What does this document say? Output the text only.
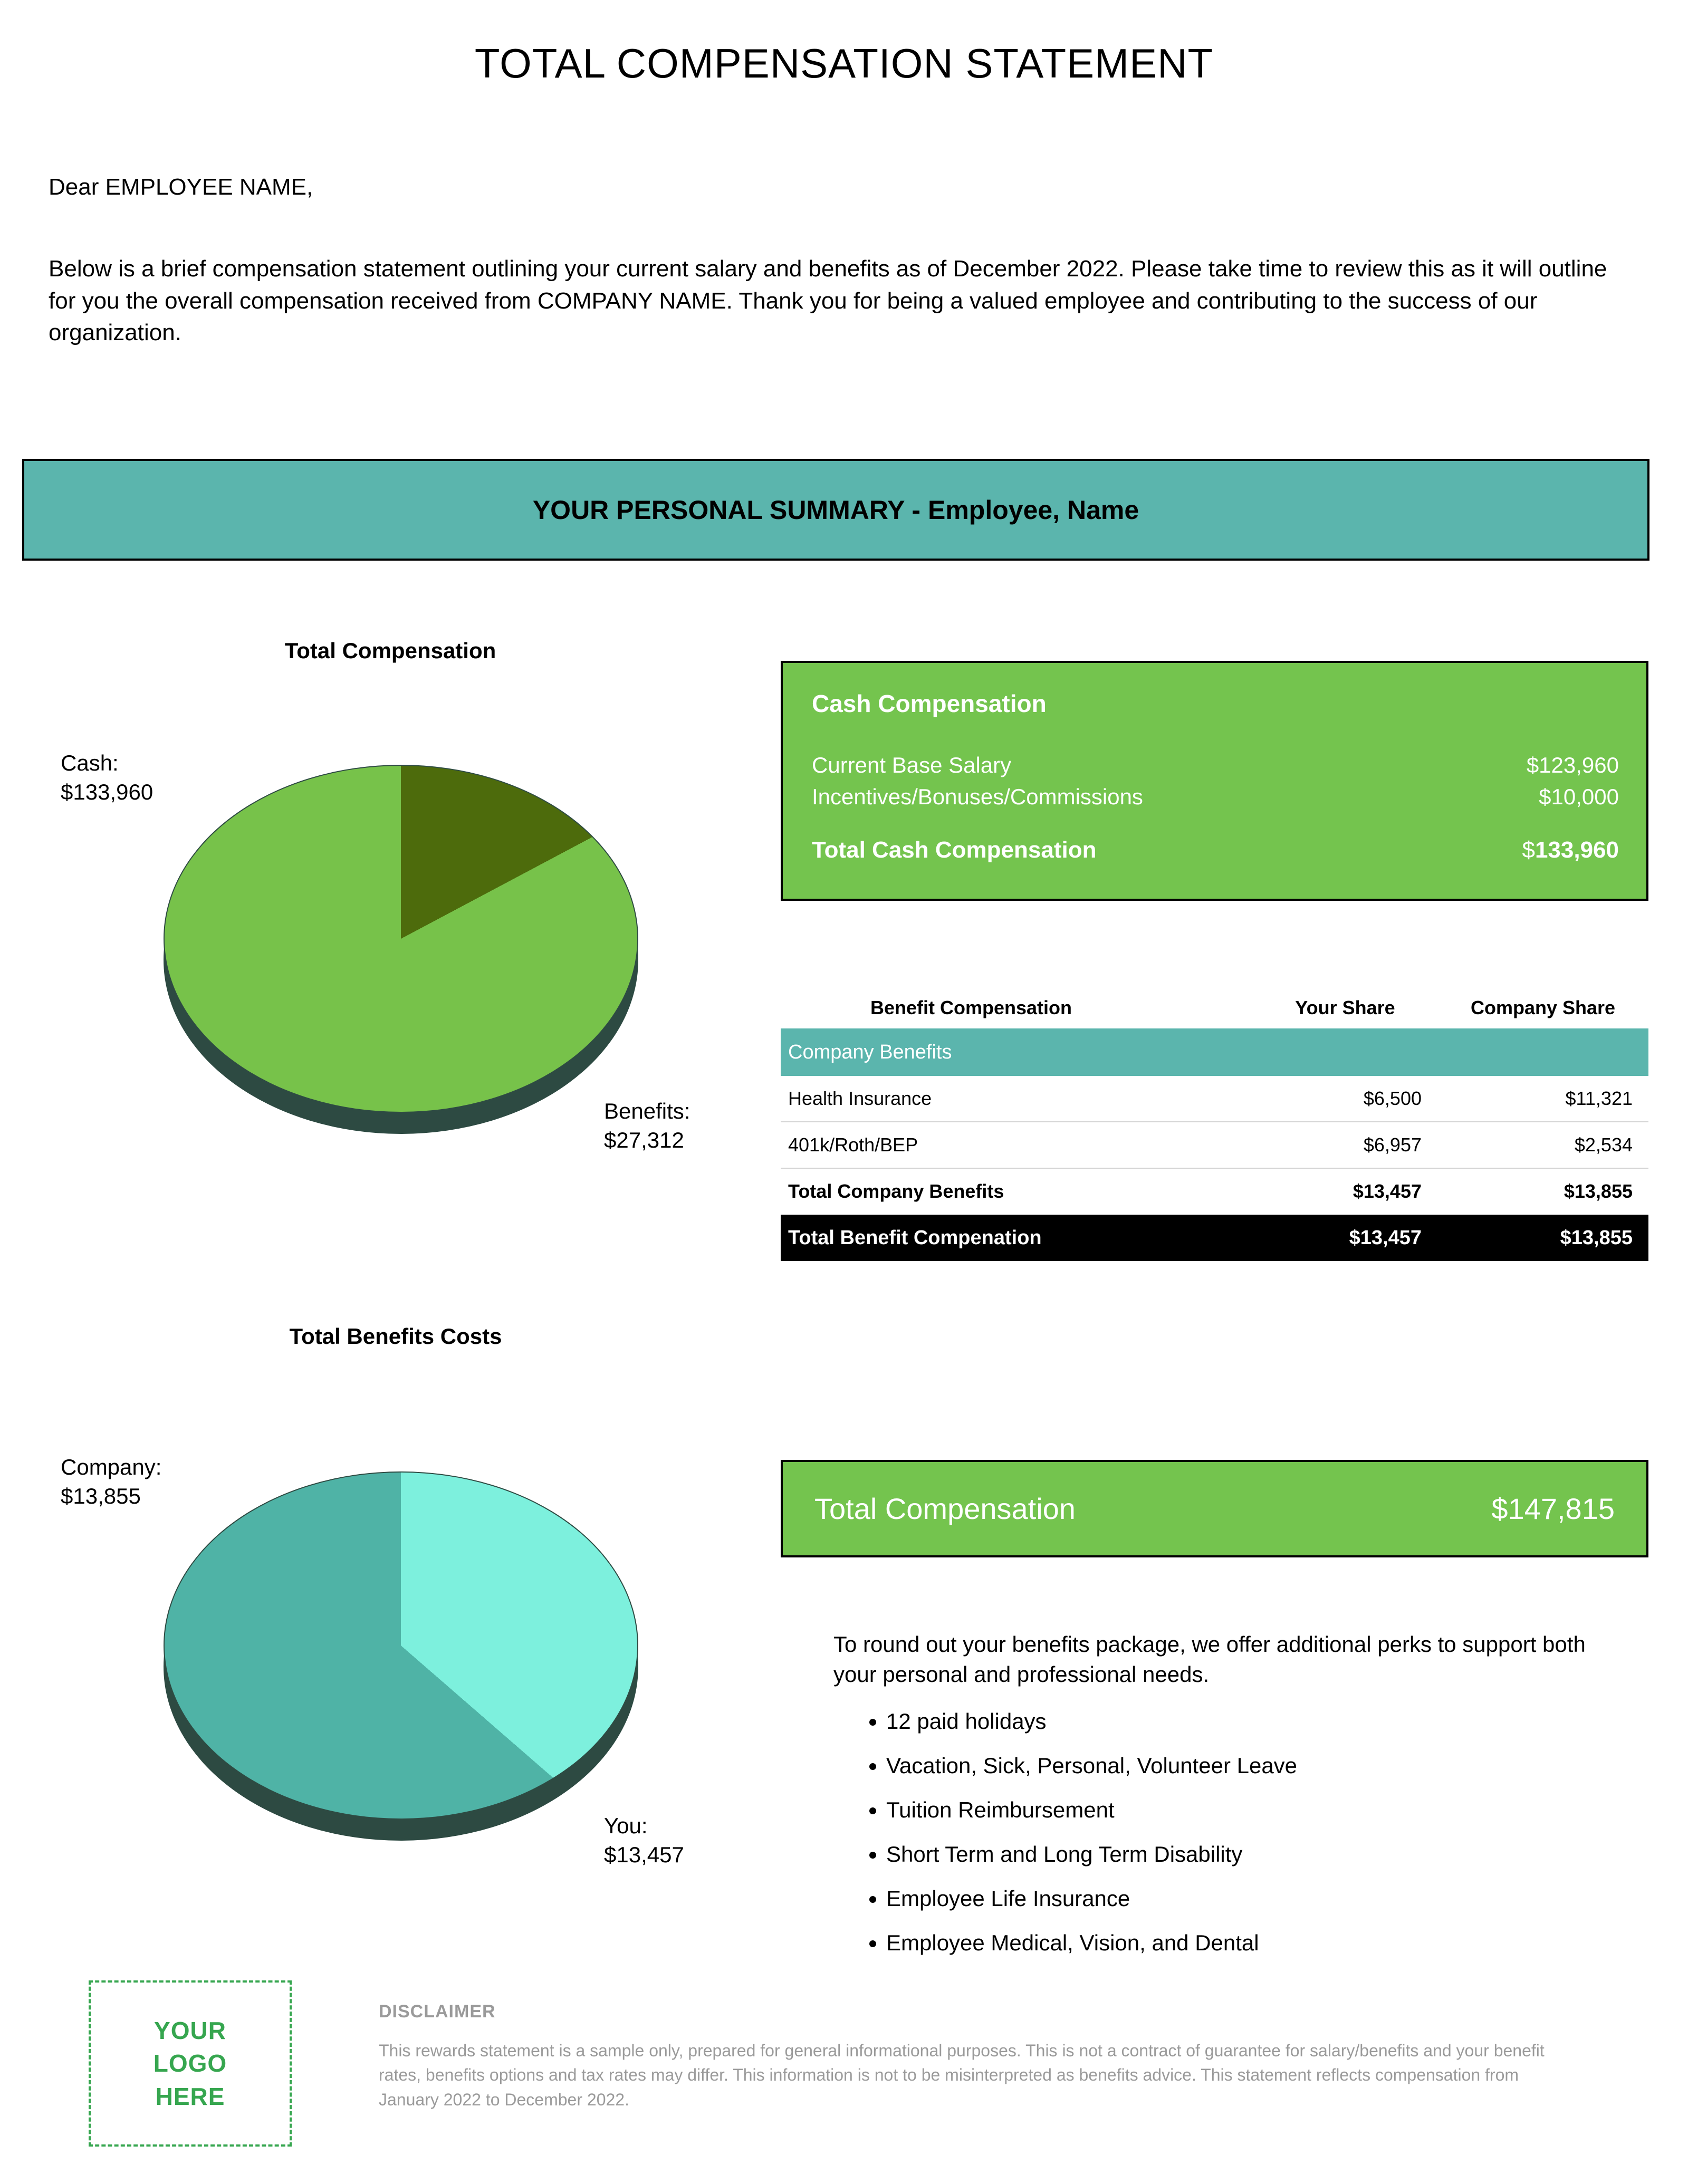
TOTAL COMPENSATION STATEMENT
Dear EMPLOYEE NAME,
Below is a brief compensation statement outlining your current salary and benefits as of December 2022. Please take time to review this as it will outline for you the overall compensation received from COMPANY NAME. Thank you for being a valued employee and contributing to the success of our organization.
YOUR PERSONAL SUMMARY - Employee, Name
Total Compensation
Cash:
$133,960
Benefits:
$27,312
Total Benefits Costs
Company:
$13,855
You:
$13,457
Cash Compensation
Current Base Salary	$123,960
Incentives/Bonuses/Commissions	$10,000
Total Cash Compensation	$133,960
Benefit Compensation	Your Share	Company Share
Company Benefits		
Health Insurance	$6,500	$11,321
401k/Roth/BEP	$6,957	$2,534
Total Company Benefits	$13,457	$13,855
Total Benefit Compenation	$13,457	$13,855
Total Compensation	$147,815
To round out your benefits package, we offer additional perks to support both your personal and professional needs.
• 12 paid holidays
• Vacation, Sick, Personal, Volunteer Leave
• Tuition Reimbursement
• Short Term and Long Term Disability
• Employee Life Insurance
• Employee Medical, Vision, and Dental
YOUR
LOGO
HERE
DISCLAIMER
This rewards statement is a sample only, prepared for general informational purposes. This is not a contract of guarantee for salary/benefits and your benefit rates, benefits options and tax rates may differ. This information is not to be misinterpreted as benefits advice. This statement reflects compensation from January 2022 to December 2022.
